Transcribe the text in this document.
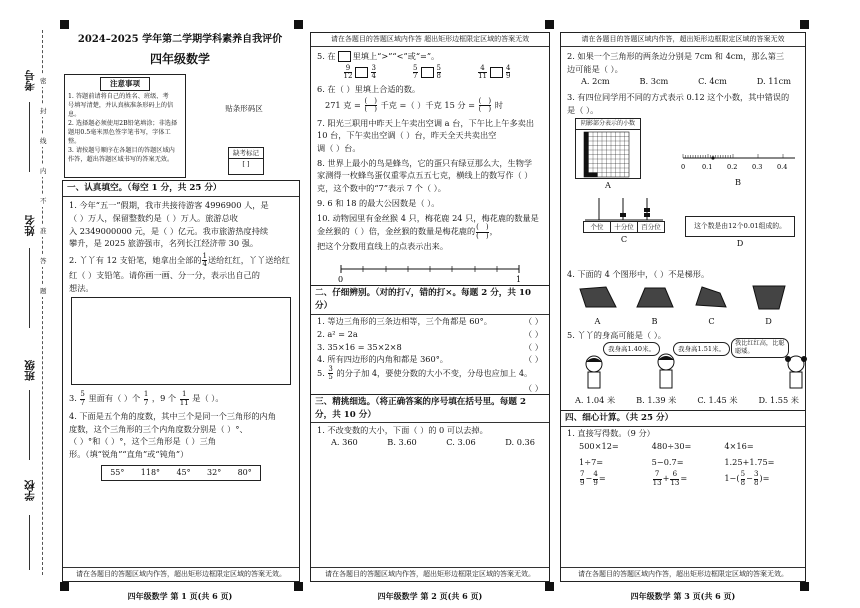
考号
姓名
班级
学校
密
封
线
内
不
准
答
题
2024–2025 学年第二学期学科素养自我评价
四年级数学
注意事项
1. 答题前请将自己的姓名、班级、考
号填写清楚，并认真核准条形码上的信息。
2. 选择题必须使用2B铅笔填涂；非选择
题用0.5毫米黑色签字笔书写，字体工整。
3. 请按题号顺序在各题目的答题区域内
作答，超出答题区域书写的答案无效。
贴条形码区
缺考标记
[ ]
一、认真填空。（每空 1 分，共 25 分）
1. 今年“五一”假期，我市共接待游客 4996900 人，是
（ ）万人，保留整数约是（ ）万人。旅游总收
入 2349000000 元，是（ ）亿元。我市旅游热度持续
攀升，是 2025 旅游强市，名列长江经济带 30 强。
2. 丫丫有 12 支铅笔，她拿出全部的 $\frac{1}{4}$ 送给红红，丫丫送给红
红（ ）支铅笔。请你画一画、分一分，表示出自己的
想法。
3. $\frac{5}{7}$ 里面有（ ）个 $\frac{1}{7}$ ，9 个 $\frac{1}{11}$ 是（ ）。
4. 下面是五个角的度数，其中三个是同一个三角形的内角
度数，这个三角形的三个内角度数分别是（ ）°、
（ ）°和（ ）°，这个三角形是（ ）三角
形。（填“锐角”“直角”或“钝角”）
55° 118° 45° 32° 80°
请在各题目的答题区域内作答，超出矩形边框限定区域的答案无效。
四年级数学 第 1 页(共 6 页)
请在各题目的答题区域内作答 超出矩形边框限定区域的答案无效
5. 在 里填上“>”“<”或“=”。
$\frac{9}{12}$	$\frac{3}{4}$	$\frac{5}{7}$	$\frac{5}{8}$	$\frac{4}{11}$	$\frac{4}{9}$
6. 在（ ）里填上合适的数。
271 克 = $\frac{( )}{( )}$ 千克 =（ ）千克 15 分 = $\frac{( )}{( )}$ 时
7. 阳光三职用中昨天上午卖出空调 a 台，下午比上午多卖出
10 台，下午卖出空调（ ）台，昨天全天共卖出空
调（ ）台。
8. 世界上最小的鸟是蜂鸟，它的蛋只有绿豆那么大，生物学
家测得一枚蜂鸟蛋仅重零点五五七克，横线上的数写作（ ）
克，这个数中的“7”表示 7 个（ ）。
9. 6 和 18 的最大公因数是（ ）。
10. 动物园里有金丝猴 4 只，梅花鹿 24 只，梅花鹿的数量是
金丝猴的（ ）倍，金丝猴的数量是梅花鹿的 $\frac{( )}{( )}$ ，
把这个分数用直线上的点表示出来。
0	1
二、仔细辨别。（对的打√，错的打×。每题 2 分，共 10 分）
1. 等边三角形的三条边相等，三个角都是 60°。	（ ）
2. a² = 2a	（ ）
3. 35×16 = 35×2×8	（ ）
4. 所有四边形的内角和都是 360°。	（ ）
5. $\frac{3}{5}$ 的分子加 4，要使分数的大小不变，分母也应加上 4。
（ ）
三、精挑细选。（将正确答案的序号填在括号里。每题 2 分，共 10 分）
1. 不改变数的大小，下面（ ）的 0 可以去掉。
A. 360	B. 3.60	C. 3.06	D. 0.36
请在各题目的答题区域内作答，超出矩形边框限定区域的答案无效。
四年级数学 第 2 页(共 6 页)
请在各题目的答题区域内作答，超出矩形边框限定区域的答案无效
2. 如果一个三角形的两条边分别是 7cm 和 4cm，那么第三
边可能是（ ）。
A. 2cm	B. 3cm	C. 4cm	D. 11cm
3. 有四位同学用不同的方式表示 0.12 这个小数，其中错误的
是（ ）。
阴影部分表示的小数
A
0	0.1 0.2 0.3 0.4
B
个位	十分位	百分位
C
这个数是由12个0.01组成的。
D
4. 下面的 4 个图形中，（ ）不是梯形。
A	B	C	D
5. 丫丫的身高可能是（ ）。
我身高1.40米。	我身高1.51米。
我比红红高，比聪聪矮。
A. 1.04 米	B. 1.39 米	C. 1.45 米	D. 1.55 米
四、细心计算。（共 25 分）
1. 直接写得数。（9 分）
500×12=	480÷30=	4×16=
1÷7=	5−0.7=	1.25+1.75=
$\frac{7}{9} - \frac{4}{9}$ =	$\frac{7}{13} + \frac{6}{13}$ =	$1-( \frac{5}{8} - \frac{3}{8}$ )=
请在各题目的答题区域内作答，超出矩形边框限定区域的答案无效。
四年级数学 第 3 页(共 6 页)
